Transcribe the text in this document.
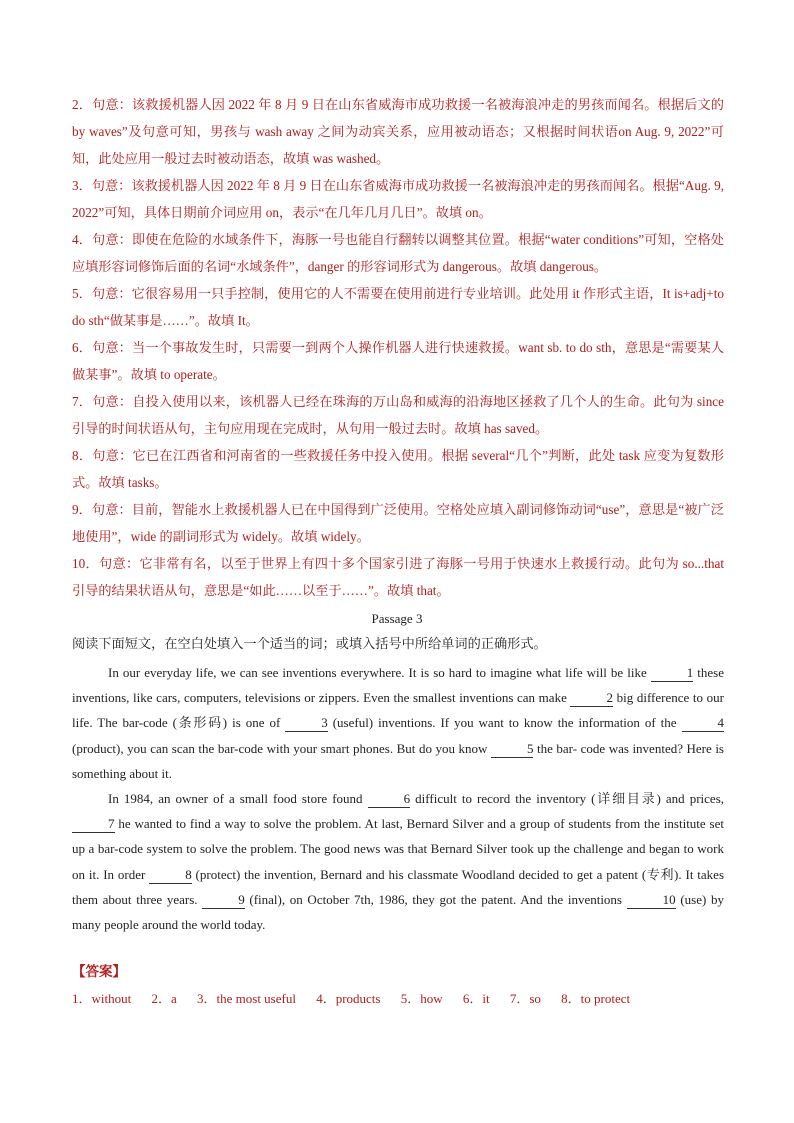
2．句意：该救援机器人因 2022 年 8 月 9 日在山东省威海市成功救援一名被海浪冲走的男孩而闻名。根据后文的by waves”及句意可知，男孩与 wash away 之间为动宾关系，应用被动语态；又根据时间状语on Aug. 9, 2022”可知，此处应用一般过去时被动语态，故填 was washed。

3．句意：该救援机器人因 2022 年 8 月 9 日在山东省威海市成功救援一名被海浪冲走的男孩而闻名。根据“Aug. 9, 2022”可知，具体日期前介词应用 on，表示“在几年几月几日”。故填 on。

4．句意：即使在危险的水域条件下，海豚一号也能自行翻转以调整其位置。根据“water conditions”可知，空格处应填形容词修饰后面的名词“水域条件”，danger 的形容词形式为 dangerous。故填 dangerous。

5．句意：它很容易用一只手控制，使用它的人不需要在使用前进行专业培训。此处用 it 作形式主语，It is+adj+to do sth“做某事是……”。故填 It。

6．句意：当一个事故发生时，只需要一到两个人操作机器人进行快速救援。want sb. to do sth，意思是“需要某人做某事”。故填 to operate。

7．句意：自投入使用以来，该机器人已经在珠海的万山岛和威海的沿海地区拯救了几个人的生命。此句为 since 引导的时间状语从句，主句应用现在完成时，从句用一般过去时。故填 has saved。

8．句意：它已在江西省和河南省的一些救援任务中投入使用。根据 several“几个”判断，此处 task 应变为复数形式。故填 tasks。

9．句意：目前，智能水上救援机器人已在中国得到广泛使用。空格处应填入副词修饰动词“use”，意思是“被广泛地使用”，wide 的副词形式为 widely。故填 widely。

10．句意：它非常有名，以至于世界上有四十多个国家引进了海豚一号用于快速水上救援行动。此句为 so...that 引导的结果状语从句，意思是“如此……以至于……”。故填 that。

Passage 3
阅读下面短文，在空白处填入一个适当的词；或填入括号中所给单词的正确形式。

In our everyday life, we can see inventions everywhere. It is so hard to imagine what life will be like	1 these inventions, like cars, computers, televisions or zippers. Even the smallest inventions can make	2 big difference to our life. The bar-code (条形码) is one of	3 (useful) inventions. If you want to know the information of the	4 (product), you can scan the bar-code with your smart phones. But do you know	5 the bar- code was invented? Here is something about it.

In 1984, an owner of a small food store found	6 difficult to record the inventory (详细目录) and prices, 7 he wanted to find a way to solve the problem. At last, Bernard Silver and a group of students from the institute set up a bar-code system to solve the problem. The good news was that Bernard Silver took up the challenge and began to work on it. In order	8 (protect) the invention, Bernard and his classmate Woodland decided to get a patent (专利). It takes them about three years.	9 (final), on October 7th, 1986, they got the patent. And the inventions	10 (use) by many people around the world today.

【答案】
1．without 2．a 3．the most useful 4．products 5．how 6．it 7．so 8．to protect
